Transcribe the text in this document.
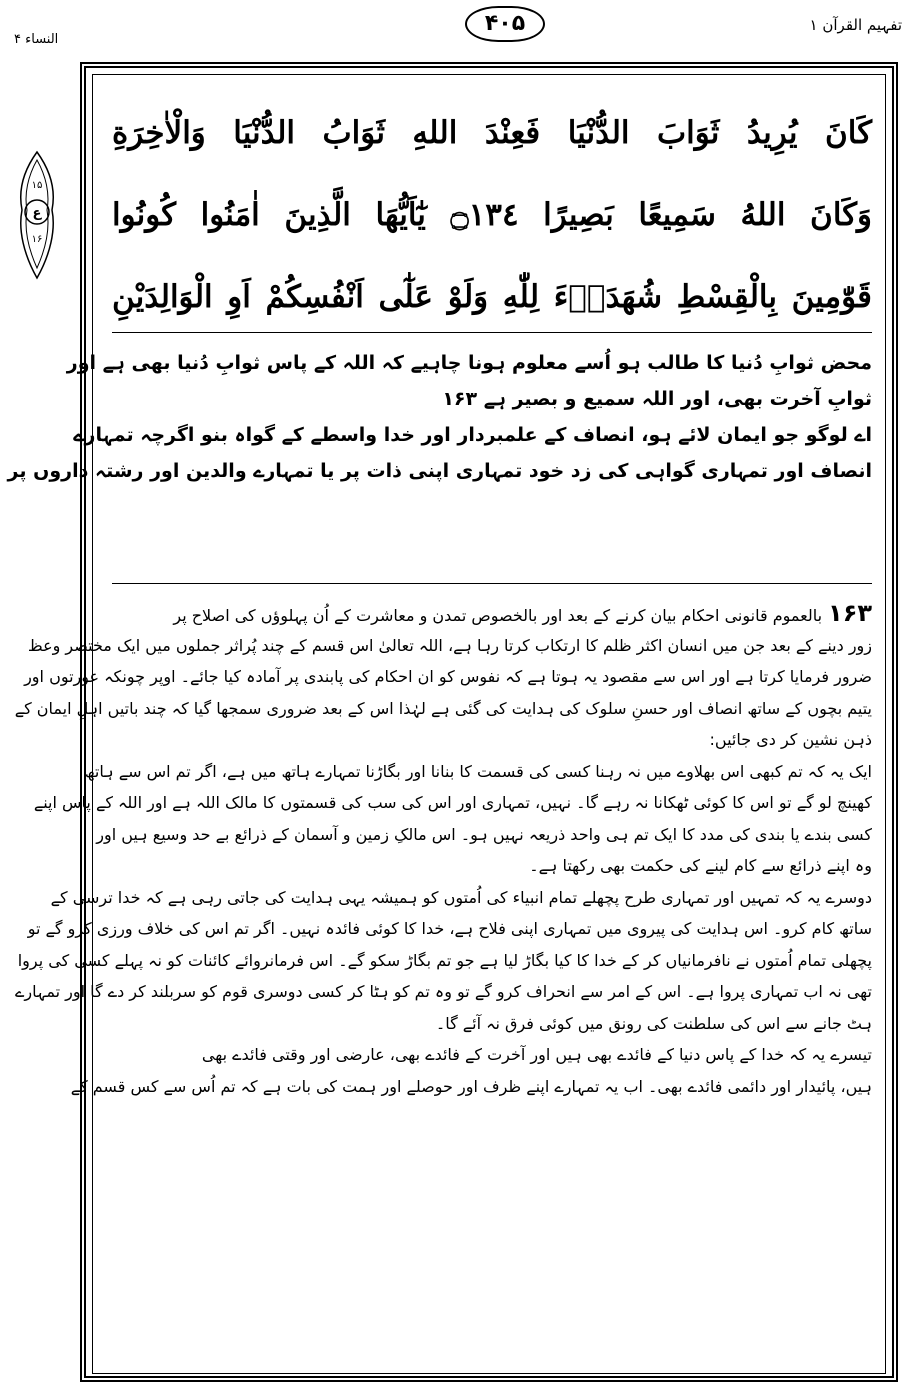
تفہیم القرآن ۱
النساء ۴
۴۰۵
۱۵
ع
۱۶
كَانَ يُرِيدُ ثَوَابَ الدُّنْيَا فَعِنْدَ اللهِ ثَوَابُ الدُّنْيَا وَالْاٰخِرَةِ
وَكَانَ اللهُ سَمِيعًا بَصِيرًا ۝١٣٤ يٰٓاَيُّهَا الَّذِينَ اٰمَنُوا كُونُوا
قَوّٰمِينَ بِالْقِسْطِ شُهَدَاۤءَ لِلّٰهِ وَلَوْ عَلٰٓى اَنْفُسِكُمْ اَوِ الْوَالِدَيْنِ

محض ثوابِ دُنیا کا طالب ہو اُسے معلوم ہونا چاہیے کہ اللہ کے پاس ثوابِ دُنیا بھی ہے اور

ثوابِ آخرت بھی، اور اللہ سمیع و بصیر ہے ۱۶۳

اے لوگو جو ایمان لائے ہو، انصاف کے علمبردار اور خدا واسطے کے گواہ بنو اگرچہ تمہارے

انصاف اور تمہاری گواہی کی زد خود تمہاری اپنی ذات پر یا تمہارے والدین اور رشتہ داروں پر

۱۶۳بالعموم قانونی احکام بیان کرنے کے بعد اور بالخصوص تمدن و معاشرت کے اُن پہلوؤں کی اصلاح پر

زور دینے کے بعد جن میں انسان اکثر ظلم کا ارتکاب کرتا رہا ہے، اللہ تعالیٰ اس قسم کے چند پُراثر جملوں میں ایک مختصر وعظ

ضرور فرمایا کرتا ہے اور اس سے مقصود یہ ہوتا ہے کہ نفوس کو ان احکام کی پابندی پر آمادہ کیا جائے۔ اوپر چونکہ عورتوں اور

یتیم بچوں کے ساتھ انصاف اور حسنِ سلوک کی ہدایت کی گئی ہے لہٰذا اس کے بعد ضروری سمجھا گیا کہ چند باتیں اہلِ ایمان کے

ذہن نشین کر دی جائیں:

ایک یہ کہ تم کبھی اس بھلاوے میں نہ رہنا کسی کی قسمت کا بنانا اور بگاڑنا تمہارے ہاتھ میں ہے، اگر تم اس سے ہاتھ

کھینچ لو گے تو اس کا کوئی ٹھکانا نہ رہے گا۔ نہیں، تمہاری اور اس کی سب کی قسمتوں کا مالک اللہ ہے اور اللہ کے پاس اپنے

کسی بندے یا بندی کی مدد کا ایک تم ہی واحد ذریعہ نہیں ہو۔ اس مالکِ زمین و آسمان کے ذرائع بے حد وسیع ہیں اور

وہ اپنے ذرائع سے کام لینے کی حکمت بھی رکھتا ہے۔

دوسرے یہ کہ تمہیں اور تمہاری طرح پچھلے تمام انبیاء کی اُمتوں کو ہمیشہ یہی ہدایت کی جاتی رہی ہے کہ خدا ترسی کے

ساتھ کام کرو۔ اس ہدایت کی پیروی میں تمہاری اپنی فلاح ہے، خدا کا کوئی فائدہ نہیں۔ اگر تم اس کی خلاف ورزی کرو گے تو

پچھلی تمام اُمتوں نے نافرمانیاں کر کے خدا کا کیا بگاڑ لیا ہے جو تم بگاڑ سکو گے۔ اس فرمانروائے کائنات کو نہ پہلے کسی کی پروا

تھی نہ اب تمہاری پروا ہے۔ اس کے امر سے انحراف کرو گے تو وہ تم کو ہٹا کر کسی دوسری قوم کو سربلند کر دے گا اور تمہارے

ہٹ جانے سے اس کی سلطنت کی رونق میں کوئی فرق نہ آئے گا۔

تیسرے یہ کہ خدا کے پاس دنیا کے فائدے بھی ہیں اور آخرت کے فائدے بھی، عارضی اور وقتی فائدے بھی

ہیں، پائیدار اور دائمی فائدے بھی۔ اب یہ تمہارے اپنے ظرف اور حوصلے اور ہمت کی بات ہے کہ تم اُس سے کس قسم کے
